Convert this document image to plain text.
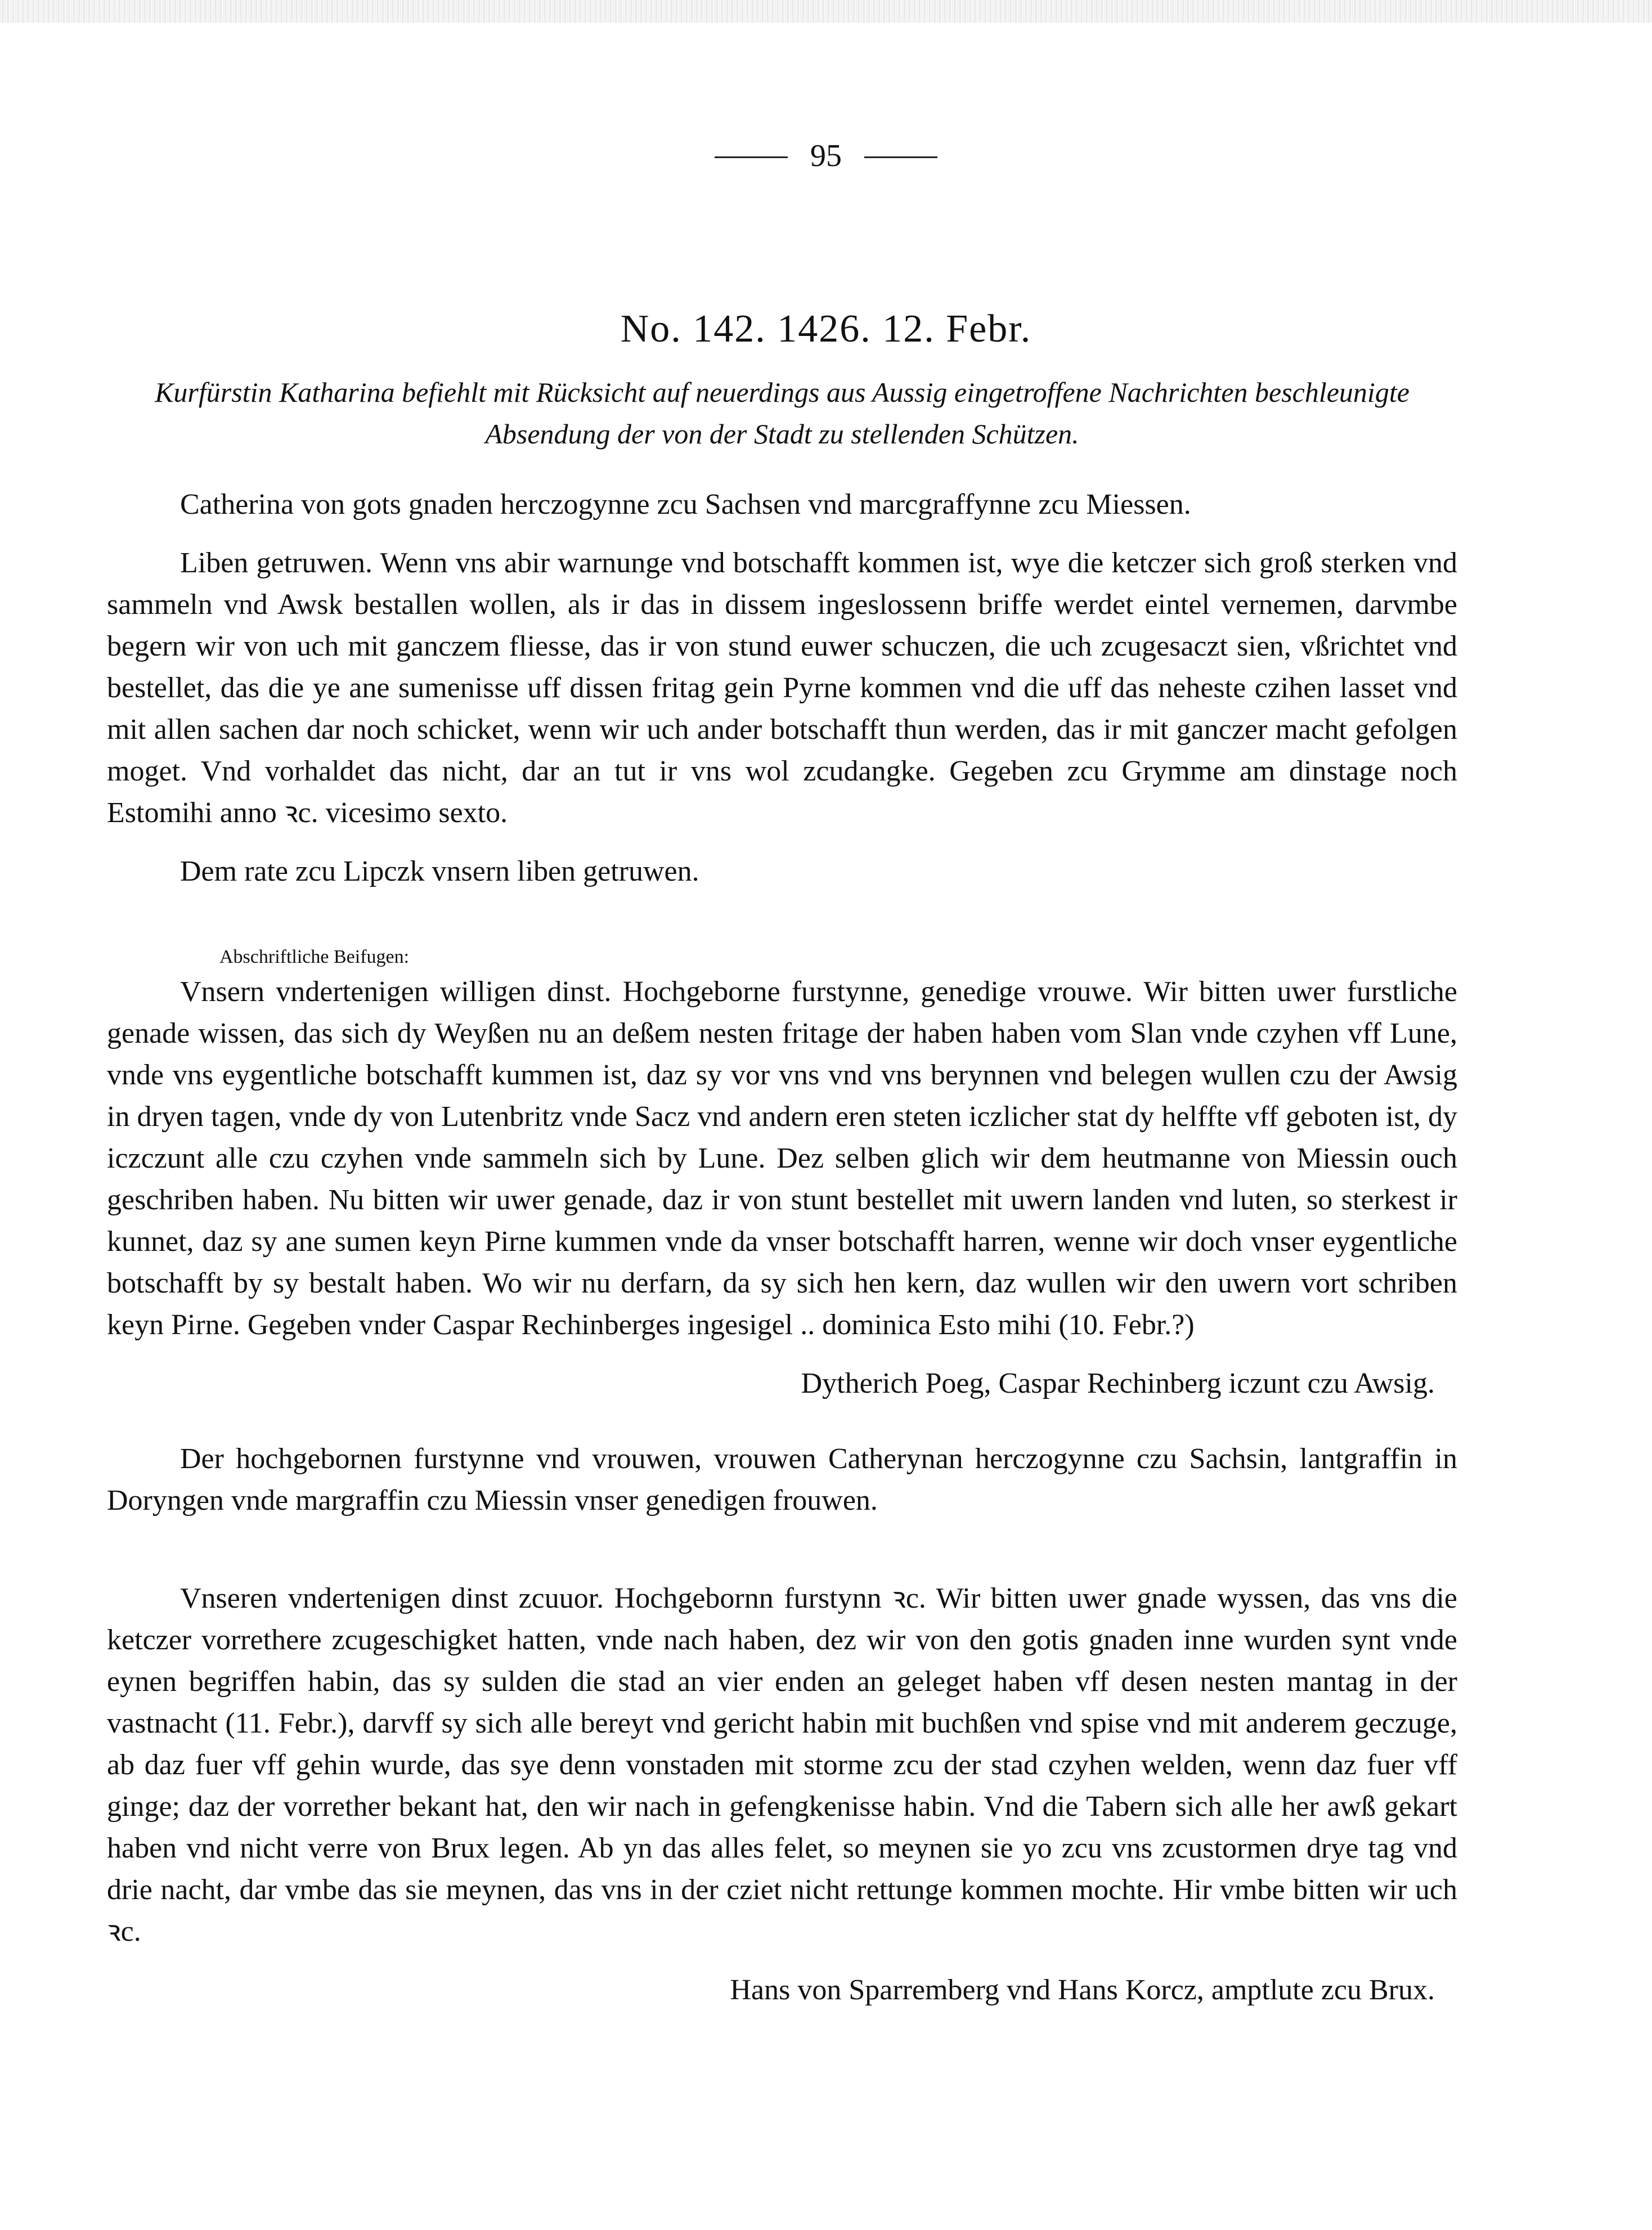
95
No. 142. 1426. 12. Febr.
Kurfürstin Katharina befiehlt mit Rücksicht auf neuerdings aus Aussig eingetroffene Nachrichten beschleunigte Absendung der von der Stadt zu stellenden Schützen.

Catherina von gots gnaden herczogynne zcu Sachsen vnd marcgraffynne zcu Miessen.

Liben getruwen. Wenn vns abir warnunge vnd botschafft kommen ist, wye die ketczer sich groß sterken vnd sammeln vnd Awsk bestallen wollen, als ir das in dissem ingeslossenn briffe werdet eintel vernemen, darvmbe begern wir von uch mit ganczem fliesse, das ir von stund euwer schuczen, die uch zcugesaczt sien, vßrichtet vnd bestellet, das die ye ane sumenisse uff dissen fritag gein Pyrne kommen vnd die uff das neheste czihen lasset vnd mit allen sachen dar noch schicket, wenn wir uch ander botschafft thun werden, das ir mit ganczer macht gefolgen moget. Vnd vorhaldet das nicht, dar an tut ir vns wol zcudangke. Gegeben zcu Grymme am dinstage noch Estomihi anno ꝛc. vicesimo sexto.

Dem rate zcu Lipczk vnsern liben getruwen.

Abschriftliche Beifugen:

Vnsern vndertenigen willigen dinst. Hochgeborne furstynne, genedige vrouwe. Wir bitten uwer furstliche genade wissen, das sich dy Weyßen nu an deßem nesten fritage der haben haben vom Slan vnde czyhen vff Lune, vnde vns eygentliche botschafft kummen ist, daz sy vor vns vnd vns berynnen vnd belegen wullen czu der Awsig in dryen tagen, vnde dy von Lutenbritz vnde Sacz vnd andern eren steten iczlicher stat dy helffte vff geboten ist, dy iczczunt alle czu czyhen vnde sammeln sich by Lune. Dez selben glich wir dem heutmanne von Miessin ouch geschriben haben. Nu bitten wir uwer genade, daz ir von stunt bestellet mit uwern landen vnd luten, so sterkest ir kunnet, daz sy ane sumen keyn Pirne kummen vnde da vnser botschafft harren, wenne wir doch vnser eygentliche botschafft by sy bestalt haben. Wo wir nu derfarn, da sy sich hen kern, daz wullen wir den uwern vort schriben keyn Pirne. Gegeben vnder Caspar Rechinberges ingesigel .. dominica Esto mihi (10. Febr.?)

Dytherich Poeg, Caspar Rechinberg iczunt czu Awsig.

Der hochgebornen furstynne vnd vrouwen, vrouwen Catherynan herczogynne czu Sachsin, lantgraffin in Doryngen vnde margraffin czu Miessin vnser genedigen frouwen.

Vnseren vndertenigen dinst zcuuor. Hochgebornn furstynn ꝛc. Wir bitten uwer gnade wyssen, das vns die ketczer vorrethere zcugeschigket hatten, vnde nach haben, dez wir von den gotis gnaden inne wurden synt vnde eynen begriffen habin, das sy sulden die stad an vier enden an geleget haben vff desen nesten mantag in der vastnacht (11. Febr.), darvff sy sich alle bereyt vnd gericht habin mit buchßen vnd spise vnd mit anderem geczuge, ab daz fuer vff gehin wurde, das sye denn vonstaden mit storme zcu der stad czyhen welden, wenn daz fuer vff ginge; daz der vorrether bekant hat, den wir nach in gefengkenisse habin. Vnd die Tabern sich alle her awß gekart haben vnd nicht verre von Brux legen. Ab yn das alles felet, so meynen sie yo zcu vns zcustormen drye tag vnd drie nacht, dar vmbe das sie meynen, das vns in der cziet nicht rettunge kommen mochte. Hir vmbe bitten wir uch ꝛc.

Hans von Sparremberg vnd Hans Korcz, amptlute zcu Brux.
